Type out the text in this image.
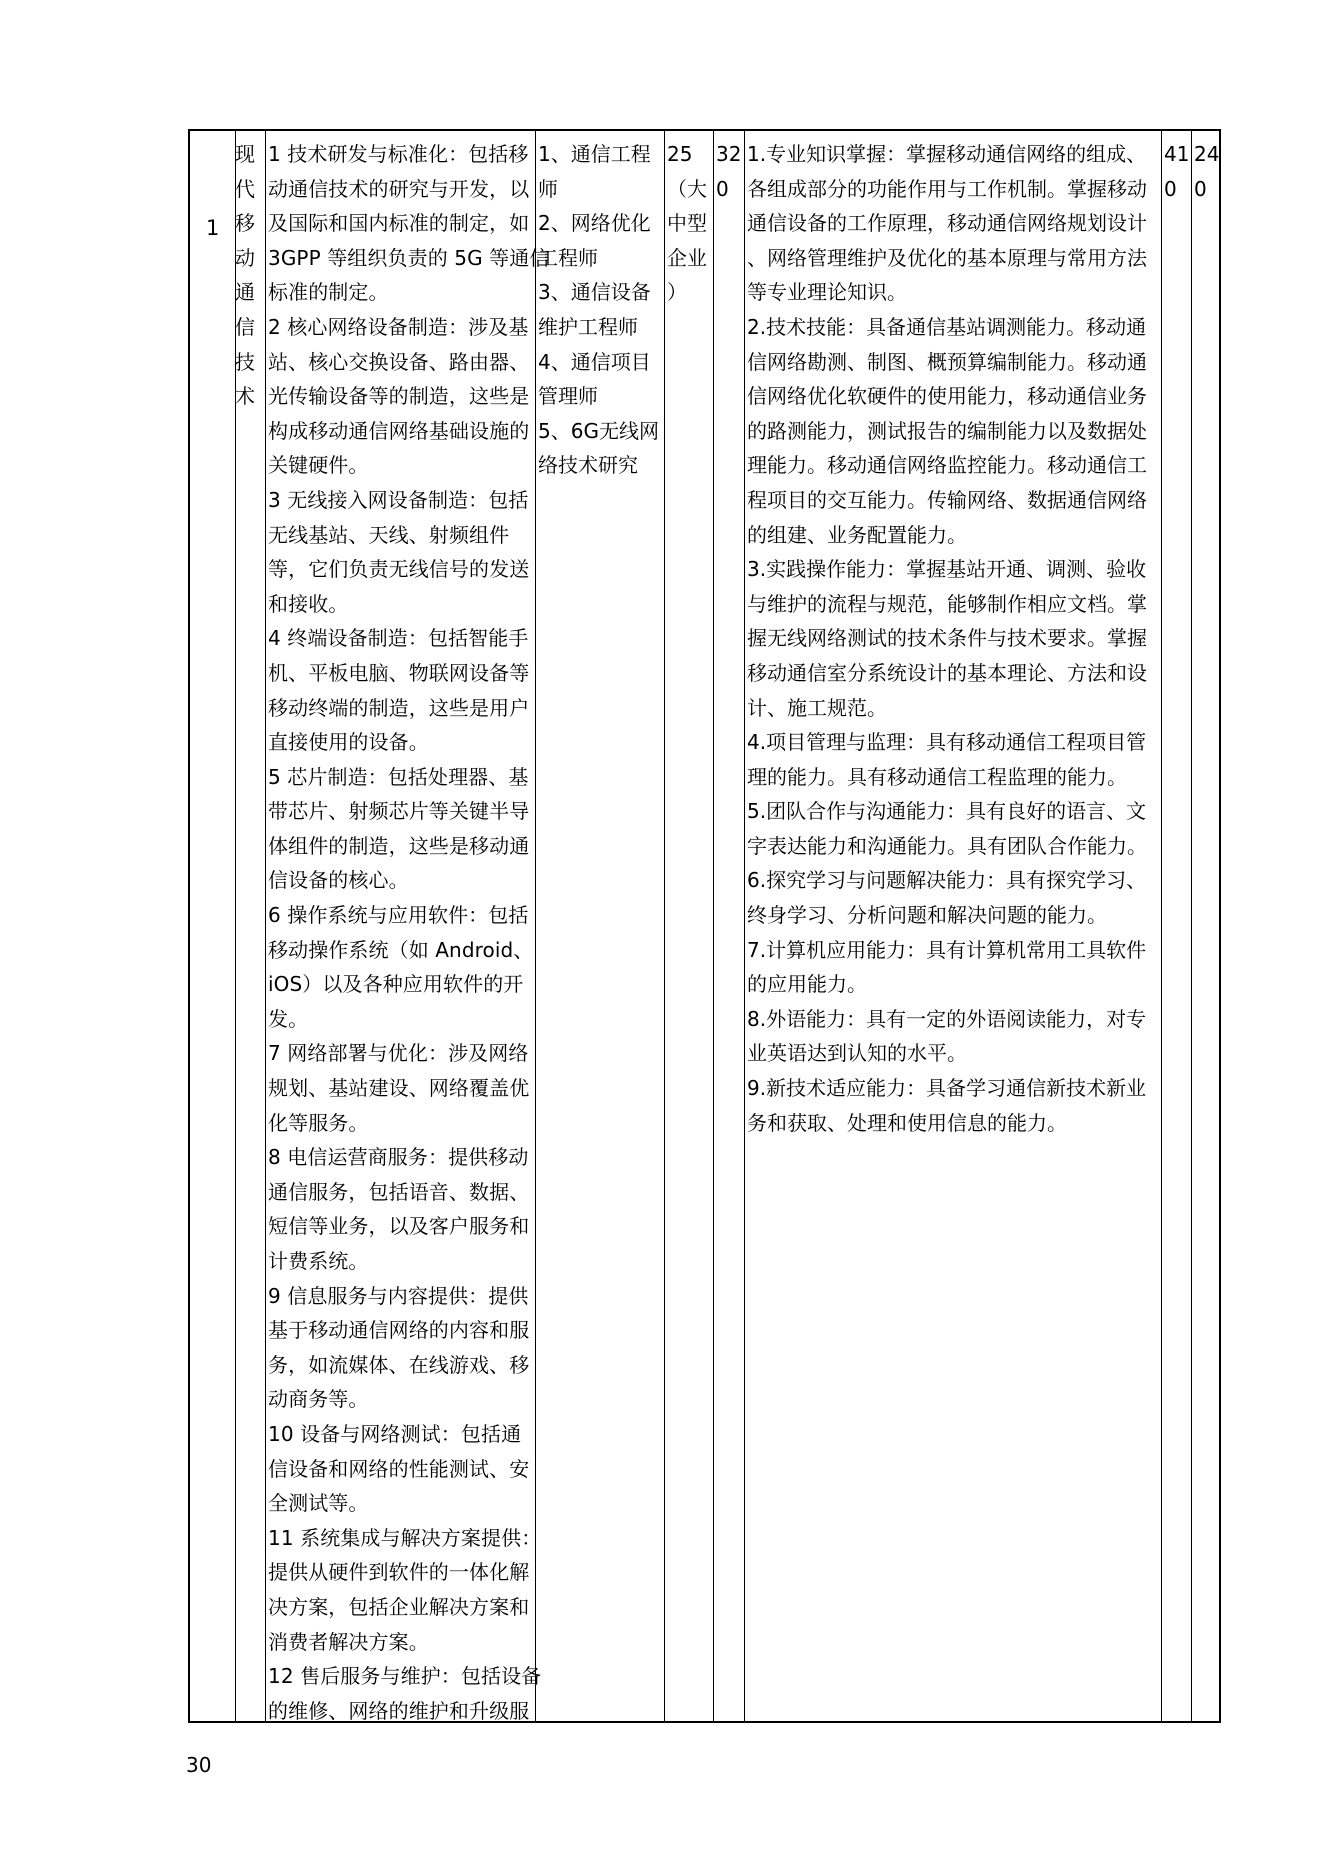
1
现
代
移
动
通
信
技
术

1 技术研发与标准化：包括移

动通信技术的研究与开发，以

及国际和国内标准的制定，如

3GPP 等组织负责的 5G 等通信

标准的制定。

2 核心网络设备制造：涉及基

站、核心交换设备、路由器、

光传输设备等的制造，这些是

构成移动通信网络基础设施的

关键硬件。

3 无线接入网设备制造：包括

无线基站、天线、射频组件

等，它们负责无线信号的发送

和接收。

4 终端设备制造：包括智能手

机、平板电脑、物联网设备等

移动终端的制造，这些是用户

直接使用的设备。

5 芯片制造：包括处理器、基

带芯片、射频芯片等关键半导

体组件的制造，这些是移动通

信设备的核心。

6 操作系统与应用软件：包括

移动操作系统（如 Android、

iOS）以及各种应用软件的开

发。

7 网络部署与优化：涉及网络

规划、基站建设、网络覆盖优

化等服务。

8 电信运营商服务：提供移动

通信服务，包括语音、数据、

短信等业务，以及客户服务和

计费系统。

9 信息服务与内容提供：提供

基于移动通信网络的内容和服

务，如流媒体、在线游戏、移

动商务等。

10 设备与网络测试：包括通

信设备和网络的性能测试、安

全测试等。

11 系统集成与解决方案提供：

提供从硬件到软件的一体化解

决方案，包括企业解决方案和

消费者解决方案。

12 售后服务与维护：包括设备

的维修、网络的维护和升级服

1、通信工程

师

2、网络优化

工程师

3、通信设备

维护工程师

4、通信项目

管理师

5、6G无线网

络技术研究

25

（大

中型

企业

）

32

0

1.专业知识掌握：掌握移动通信网络的组成、

各组成部分的功能作用与工作机制。掌握移动

通信设备的工作原理，移动通信网络规划设计

、网络管理维护及优化的基本原理与常用方法

等专业理论知识。

2.技术技能：具备通信基站调测能力。移动通

信网络勘测、制图、概预算编制能力。移动通

信网络优化软硬件的使用能力，移动通信业务

的路测能力，测试报告的编制能力以及数据处

理能力。移动通信网络监控能力。移动通信工

程项目的交互能力。传输网络、数据通信网络

的组建、业务配置能力。

3.实践操作能力：掌握基站开通、调测、验收

与维护的流程与规范，能够制作相应文档。掌

握无线网络测试的技术条件与技术要求。掌握

移动通信室分系统设计的基本理论、方法和设

计、施工规范。

4.项目管理与监理：具有移动通信工程项目管

理的能力。具有移动通信工程监理的能力。

5.团队合作与沟通能力：具有良好的语言、文

字表达能力和沟通能力。具有团队合作能力。

6.探究学习与问题解决能力：具有探究学习、

终身学习、分析问题和解决问题的能力。

7.计算机应用能力：具有计算机常用工具软件

的应用能力。

8.外语能力：具有一定的外语阅读能力，对专

业英语达到认知的水平。

9.新技术适应能力：具备学习通信新技术新业

务和获取、处理和使用信息的能力。

41

0

24

0

30
